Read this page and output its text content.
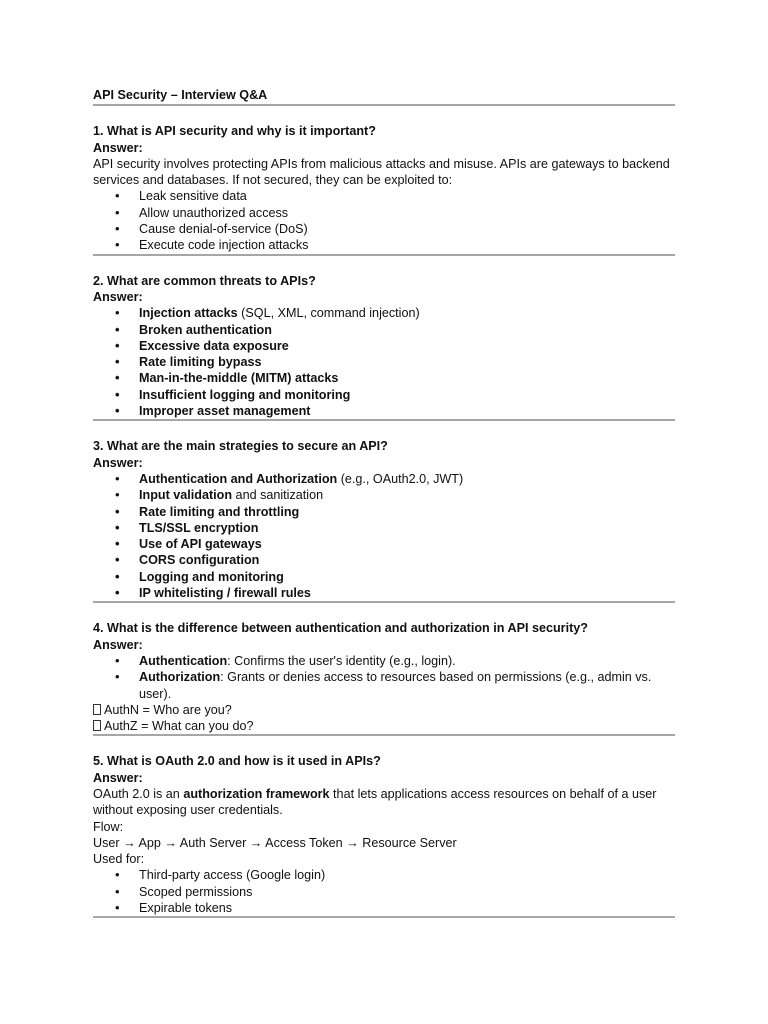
API Security – Interview Q&A

1. What is API security and why is it important?

Answer:

API security involves protecting APIs from malicious attacks and misuse. APIs are gateways to backend services and databases. If not secured, they can be exploited to:

• Leak sensitive data
• Allow unauthorized access
• Cause denial-of-service (DoS)
• Execute code injection attacks

2. What are common threats to APIs?

Answer:

• Injection attacks (SQL, XML, command injection)
• Broken authentication
• Excessive data exposure
• Rate limiting bypass
• Man-in-the-middle (MITM) attacks
• Insufficient logging and monitoring
• Improper asset management

3. What are the main strategies to secure an API?

Answer:

• Authentication and Authorization (e.g., OAuth2.0, JWT)
• Input validation and sanitization
• Rate limiting and throttling
• TLS/SSL encryption
• Use of API gateways
• CORS configuration
• Logging and monitoring
• IP whitelisting / firewall rules

4. What is the difference between authentication and authorization in API security?

Answer:

• Authentication: Confirms the user's identity (e.g., login).
• Authorization: Grants or denies access to resources based on permissions (e.g., admin vs. user).

AuthN = Who are you?

AuthZ = What can you do?

5. What is OAuth 2.0 and how is it used in APIs?

Answer:

OAuth 2.0 is an authorization framework that lets applications access resources on behalf of a user without exposing user credentials.

Flow:

User → App → Auth Server → Access Token → Resource Server

Used for:

• Third-party access (Google login)
• Scoped permissions
• Expirable tokens
